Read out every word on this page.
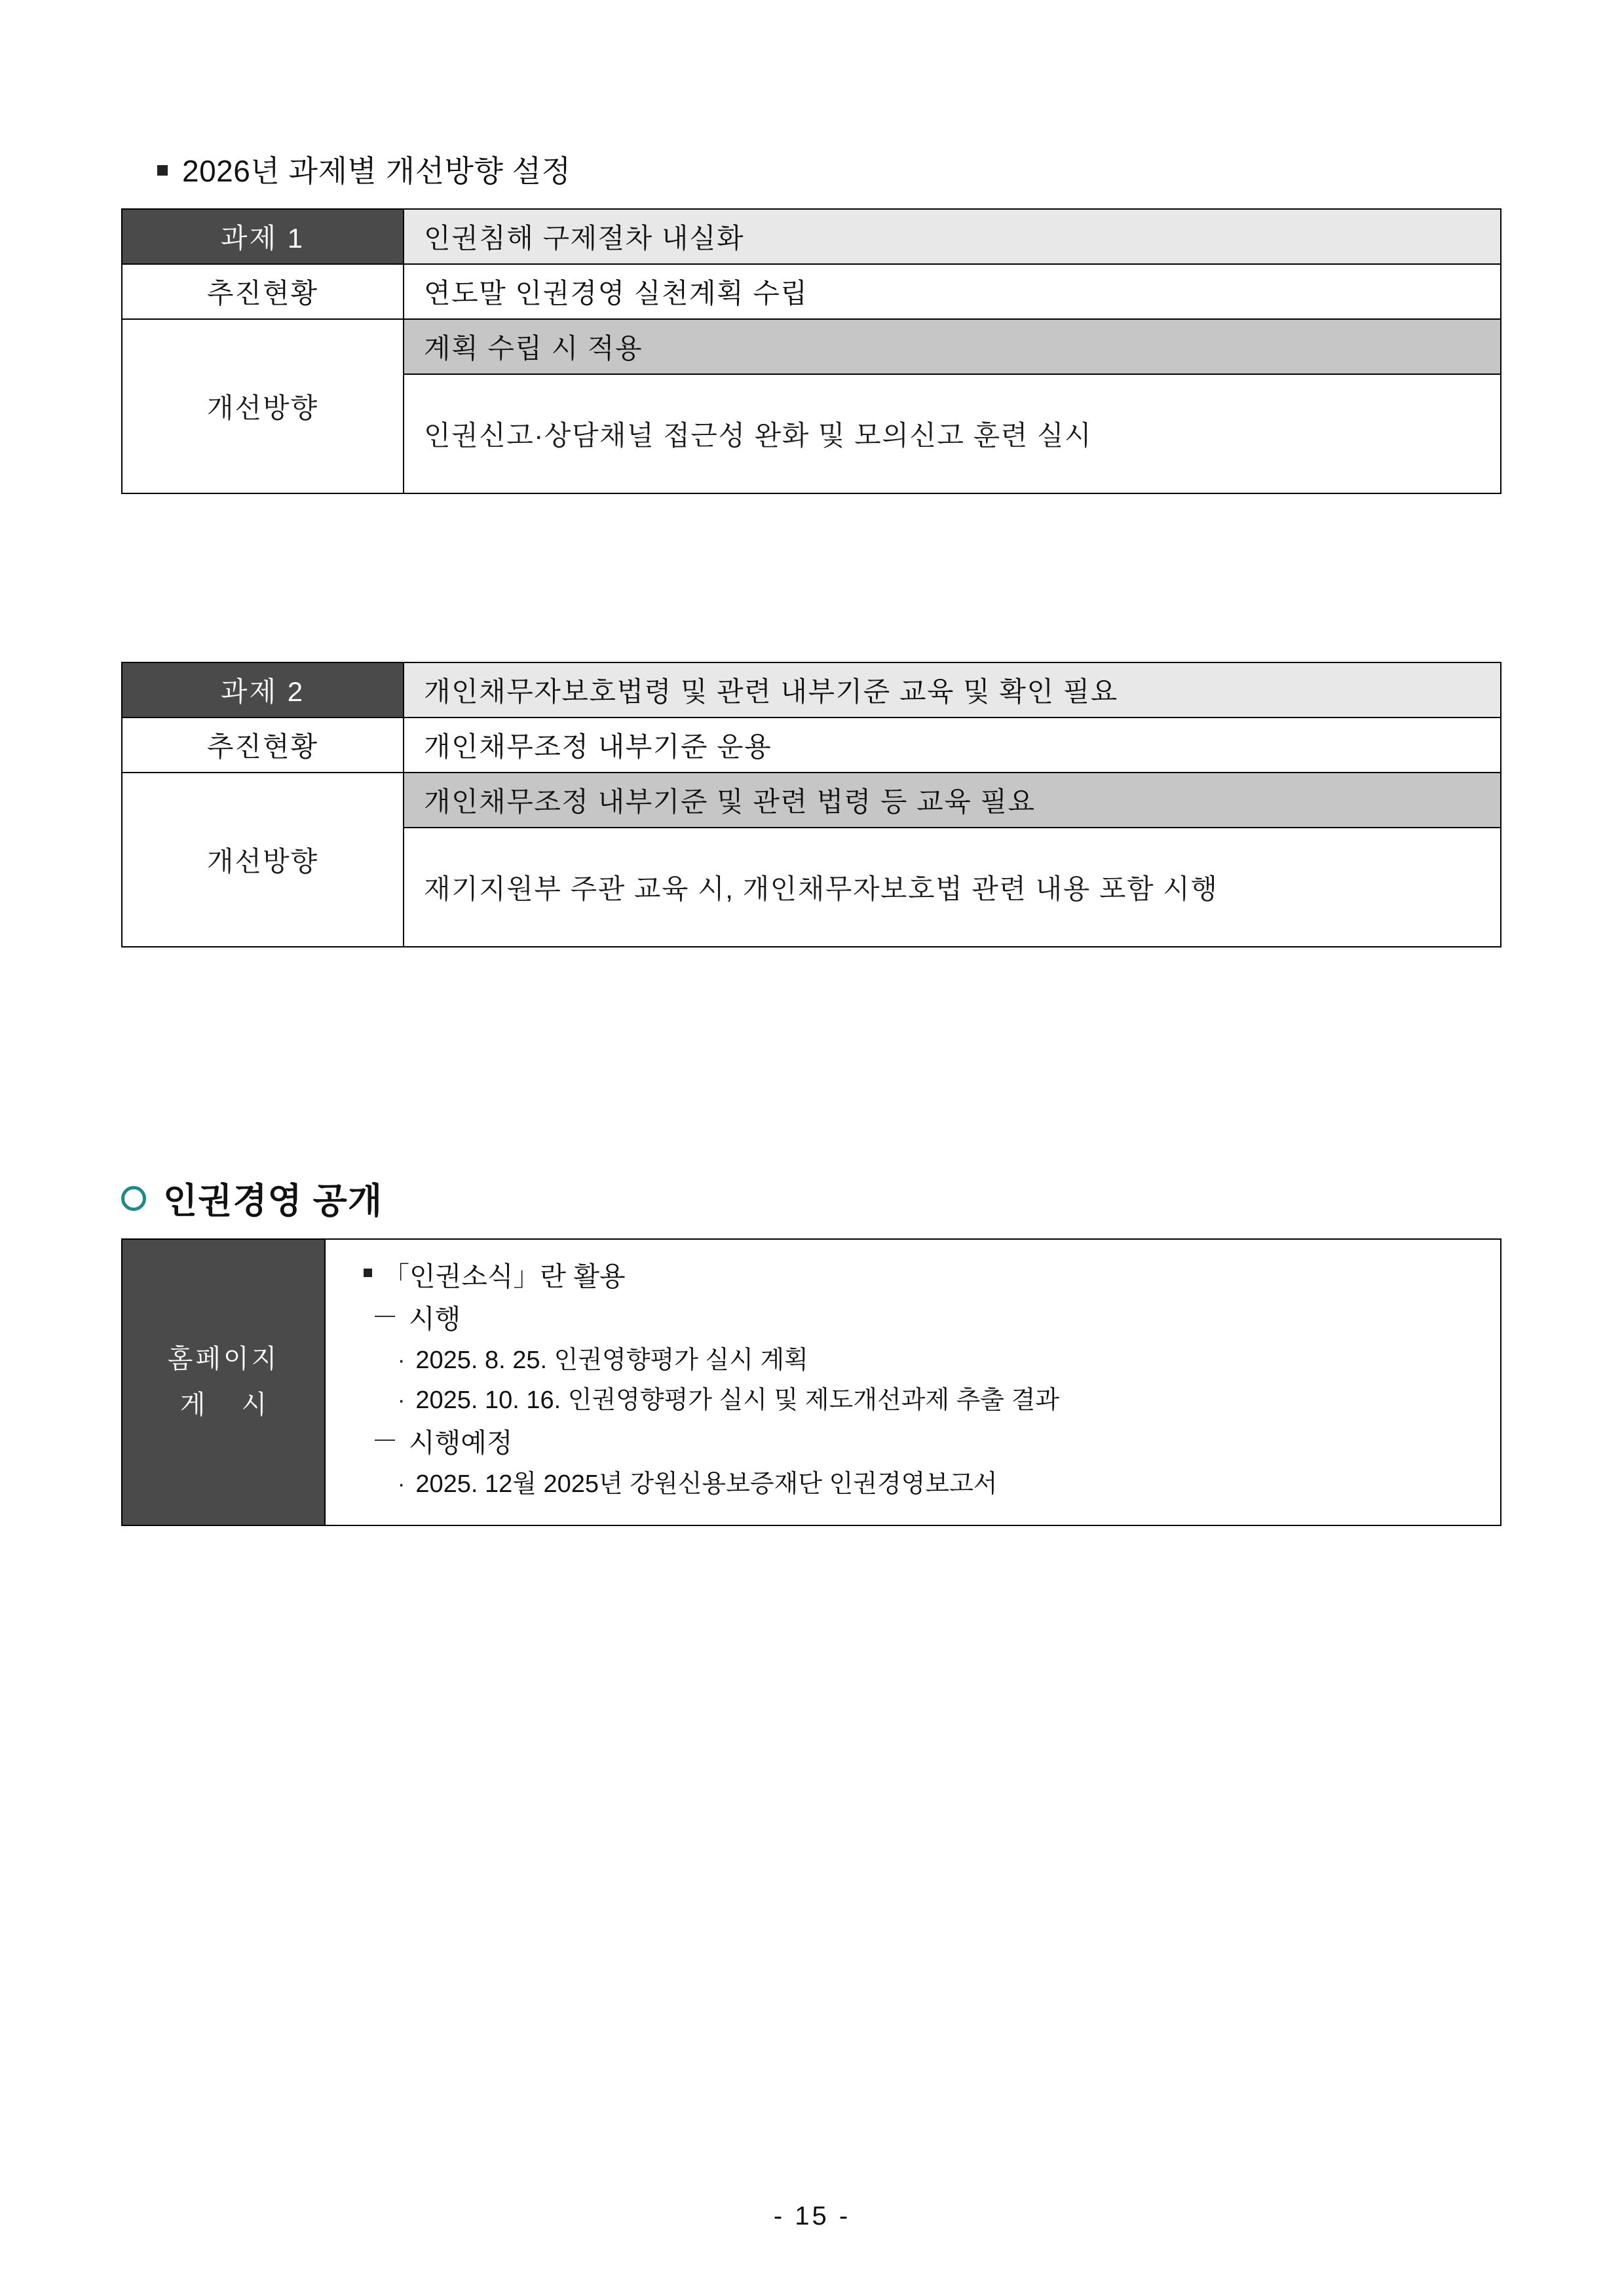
2026년 과제별 개선방향 설정
과제 1	인권침해 구제절차 내실화
추진현황	연도말 인권경영 실천계획 수립
개선방향	계획 수립 시 적용
	인권신고·상담채널 접근성 완화 및 모의신고 훈련 실시
과제 2	개인채무자보호법령 및 관련 내부기준 교육 및 확인 필요
추진현황	개인채무조정 내부기준 운용
개선방향	개인채무조정 내부기준 및 관련 법령 등 교육 필요
	재기지원부 주관 교육 시, 개인채무자보호법 관련 내용 포함 시행
인권경영 공개
홈페이지
게 시

「인권소식」란 활용
－ 시행
· 2025. 8. 25. 인권영향평가 실시 계획
· 2025. 10. 16. 인권영향평가 실시 및 제도개선과제 추출 결과
－ 시행예정
· 2025. 12월 2025년 강원신용보증재단 인권경영보고서
- 15 -
